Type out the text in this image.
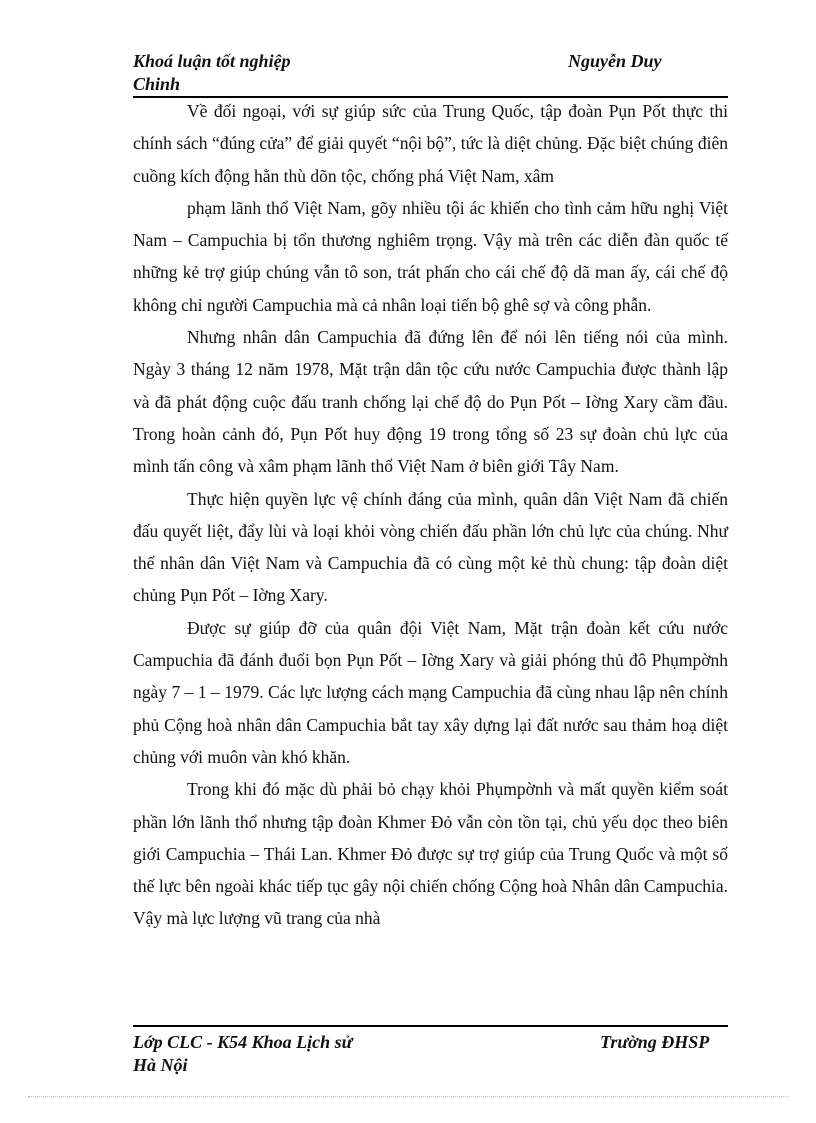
Khoá luận tốt nghiệp	Nguyễn Duy
Chinh

Về đối ngoại, với sự giúp sức của Trung Quốc, tập đoàn Pụn Pốt thực thi chính sách “đúng cửa” để giải quyết “nội bộ”, tức là diệt chủng. Đặc biệt chúng điên cuồng kích động hằn thù dõn tộc, chống phá Việt Nam, xâm

phạm lãnh thổ Việt Nam, gõy nhiều tội ác khiến cho tình cảm hữu nghị Việt Nam – Campuchia bị tổn thương nghiêm trọng. Vậy mà trên các diễn đàn quốc tế những kẻ trợ giúp chúng vẫn tô son, trát phấn cho cái chế độ dã man ấy, cái chế độ không chỉ người Campuchia mà cả nhân loại tiến bộ ghê sợ và công phẫn.

Nhưng nhân dân Campuchia đã đứng lên để nói lên tiếng nói của mình. Ngày 3 tháng 12 năm 1978, Mặt trận dân tộc cứu nước Campuchia được thành lập và đã phát động cuộc đấu tranh chống lại chế độ do Pụn Pốt – Iờng Xary cầm đầu. Trong hoàn cảnh đó, Pụn Pốt huy động 19 trong tổng số 23 sự đoàn chủ lực của mình tấn công và xâm phạm lãnh thổ Việt Nam ở biên giới Tây Nam.

Thực hiện quyền lực vệ chính đáng của mình, quân dân Việt Nam đã chiến đấu quyết liệt, đẩy lùi và loại khỏi vòng chiến đấu phần lớn chủ lực của chúng. Như thế nhân dân Việt Nam và Campuchia đã có cùng một kẻ thù chung: tập đoàn diệt chủng Pụn Pốt – Iờng Xary.

Được sự giúp đỡ của quân đội Việt Nam, Mặt trận đoàn kết cứu nước Campuchia đã đánh đuổi bọn Pụn Pốt – Iờng Xary và giải phóng thủ đô Phụmpờnh ngày 7 – 1 – 1979. Các lực lượng cách mạng Campuchia đã cùng nhau lập nên chính phủ Cộng hoà nhân dân Campuchia bắt tay xây dựng lại đất nước sau thảm hoạ diệt chủng với muôn vàn khó khăn.

Trong khi đó mặc dù phải bỏ chạy khỏi Phụmpờnh và mất quyền kiểm soát phần lớn lãnh thổ nhưng tập đoàn Khmer Đỏ vẫn còn tồn tại, chủ yếu dọc theo biên giới Campuchia – Thái Lan. Khmer Đỏ được sự trợ giúp của Trung Quốc và một số thế lực bên ngoài khác tiếp tục gây nội chiến chống Cộng hoà Nhân dân Campuchia. Vậy mà lực lượng vũ trang của nhà

Lớp CLC - K54 Khoa Lịch sử	Trường ĐHSP
Hà Nội
